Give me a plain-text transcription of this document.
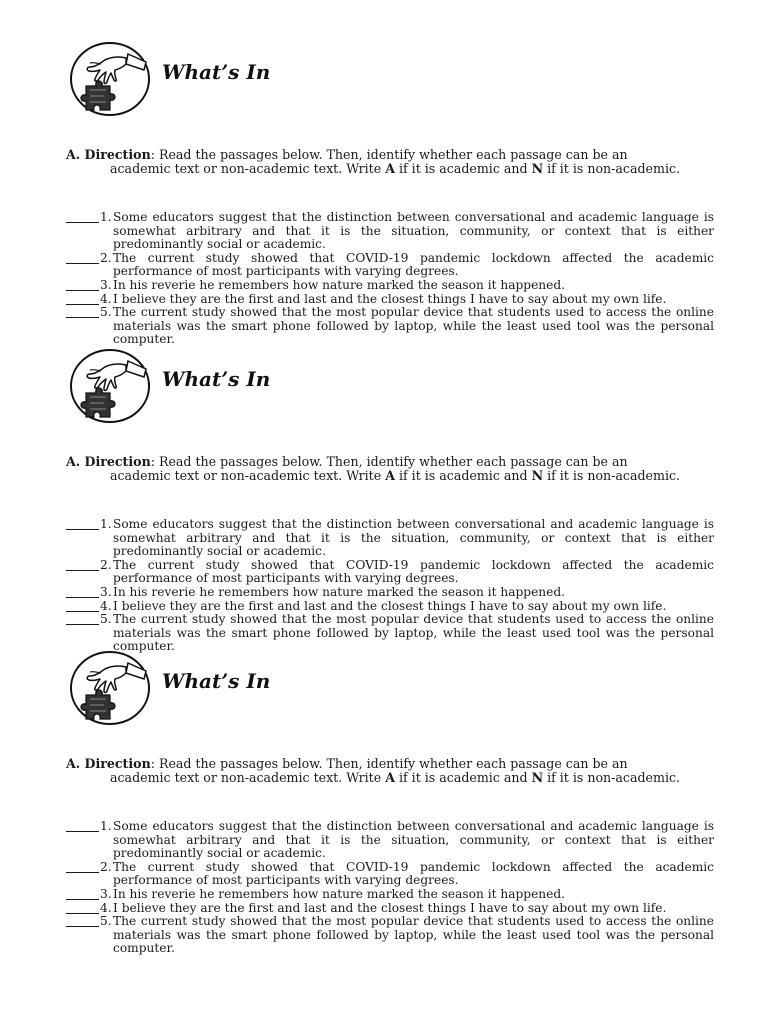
What’s In
A. Direction: Read the passages below. Then, identify whether each passage can be an
academic text or non-academic text. Write A if it is academic and N if it is non-academic.
1. Some educators suggest that the distinction between conversational and academic language is somewhat arbitrary and that it is the situation, community, or context that is either predominantly social or academic.
2. The current study showed that COVID-19 pandemic lockdown affected the academic performance of most participants with varying degrees.
3. In his reverie he remembers how nature marked the season it happened.
4. I believe they are the first and last and the closest things I have to say about my own life.
5. The current study showed that the most popular device that students used to access the online materials was the smart phone followed by laptop, while the least used tool was the personal computer.
What’s In
A. Direction: Read the passages below. Then, identify whether each passage can be an
academic text or non-academic text. Write A if it is academic and N if it is non-academic.
1. Some educators suggest that the distinction between conversational and academic language is somewhat arbitrary and that it is the situation, community, or context that is either predominantly social or academic.
2. The current study showed that COVID-19 pandemic lockdown affected the academic performance of most participants with varying degrees.
3. In his reverie he remembers how nature marked the season it happened.
4. I believe they are the first and last and the closest things I have to say about my own life.
5. The current study showed that the most popular device that students used to access the online materials was the smart phone followed by laptop, while the least used tool was the personal computer.
What’s In
A. Direction: Read the passages below. Then, identify whether each passage can be an
academic text or non-academic text. Write A if it is academic and N if it is non-academic.
1. Some educators suggest that the distinction between conversational and academic language is somewhat arbitrary and that it is the situation, community, or context that is either predominantly social or academic.
2. The current study showed that COVID-19 pandemic lockdown affected the academic performance of most participants with varying degrees.
3. In his reverie he remembers how nature marked the season it happened.
4. I believe they are the first and last and the closest things I have to say about my own life.
5. The current study showed that the most popular device that students used to access the online materials was the smart phone followed by laptop, while the least used tool was the personal computer.
